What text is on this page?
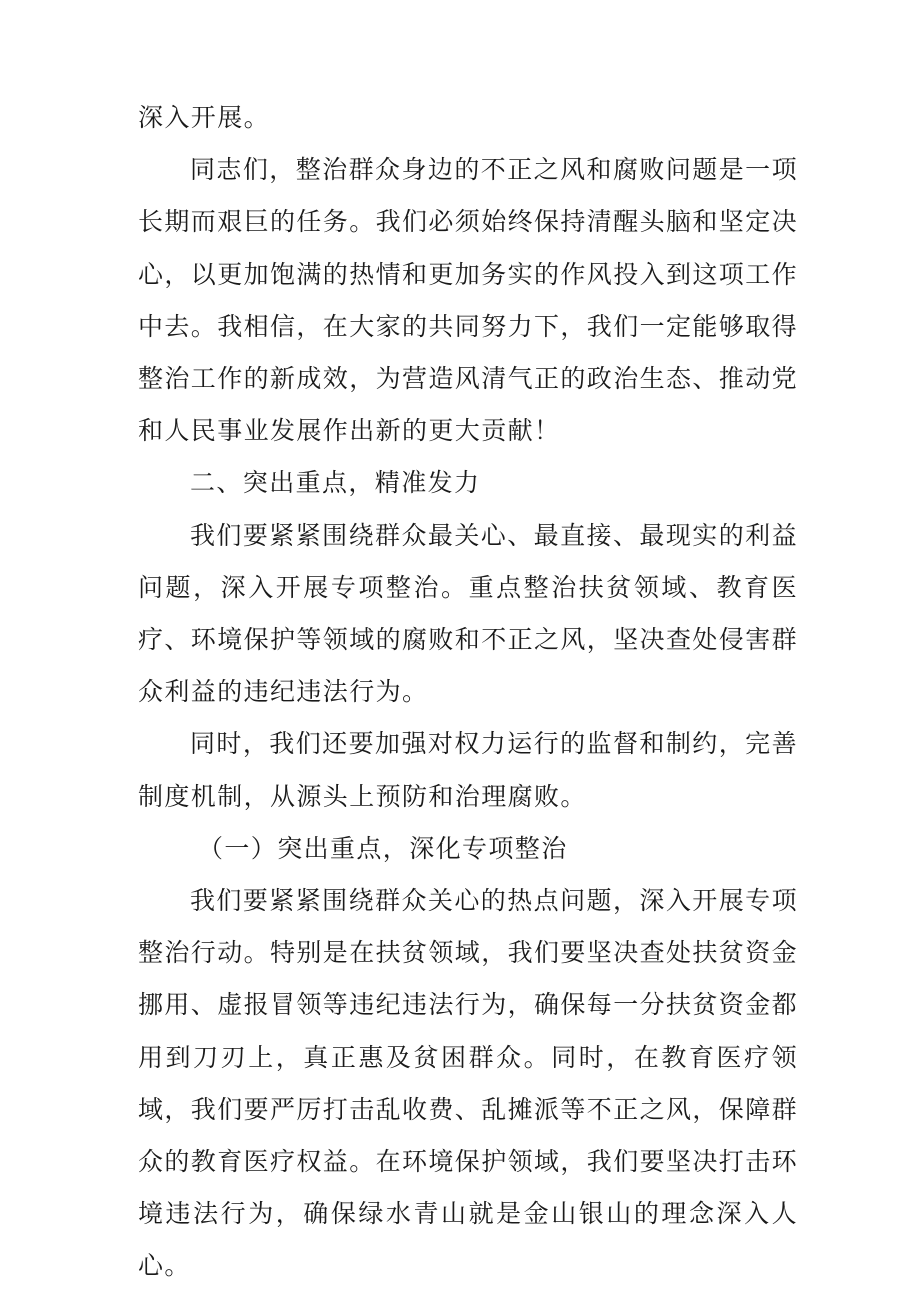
深入开展。

同志们，整治群众身边的不正之风和腐败问题是一项长期而艰巨的任务。我们必须始终保持清醒头脑和坚定决心，以更加饱满的热情和更加务实的作风投入到这项工作中去。我相信，在大家的共同努力下，我们一定能够取得整治工作的新成效，为营造风清气正的政治生态、推动党和人民事业发展作出新的更大贡献！

二、突出重点，精准发力

我们要紧紧围绕群众最关心、最直接、最现实的利益问题，深入开展专项整治。重点整治扶贫领域、教育医疗、环境保护等领域的腐败和不正之风，坚决查处侵害群众利益的违纪违法行为。

同时，我们还要加强对权力运行的监督和制约，完善制度机制，从源头上预防和治理腐败。

（一）突出重点，深化专项整治

我们要紧紧围绕群众关心的热点问题，深入开展专项整治行动。特别是在扶贫领域，我们要坚决查处扶贫资金挪用、虚报冒领等违纪违法行为，确保每一分扶贫资金都用到刀刃上，真正惠及贫困群众。同时，在教育医疗领域，我们要严厉打击乱收费、乱摊派等不正之风，保障群众的教育医疗权益。在环境保护领域，我们要坚决打击环境违法行为，确保绿水青山就是金山银山的理念深入人心。
